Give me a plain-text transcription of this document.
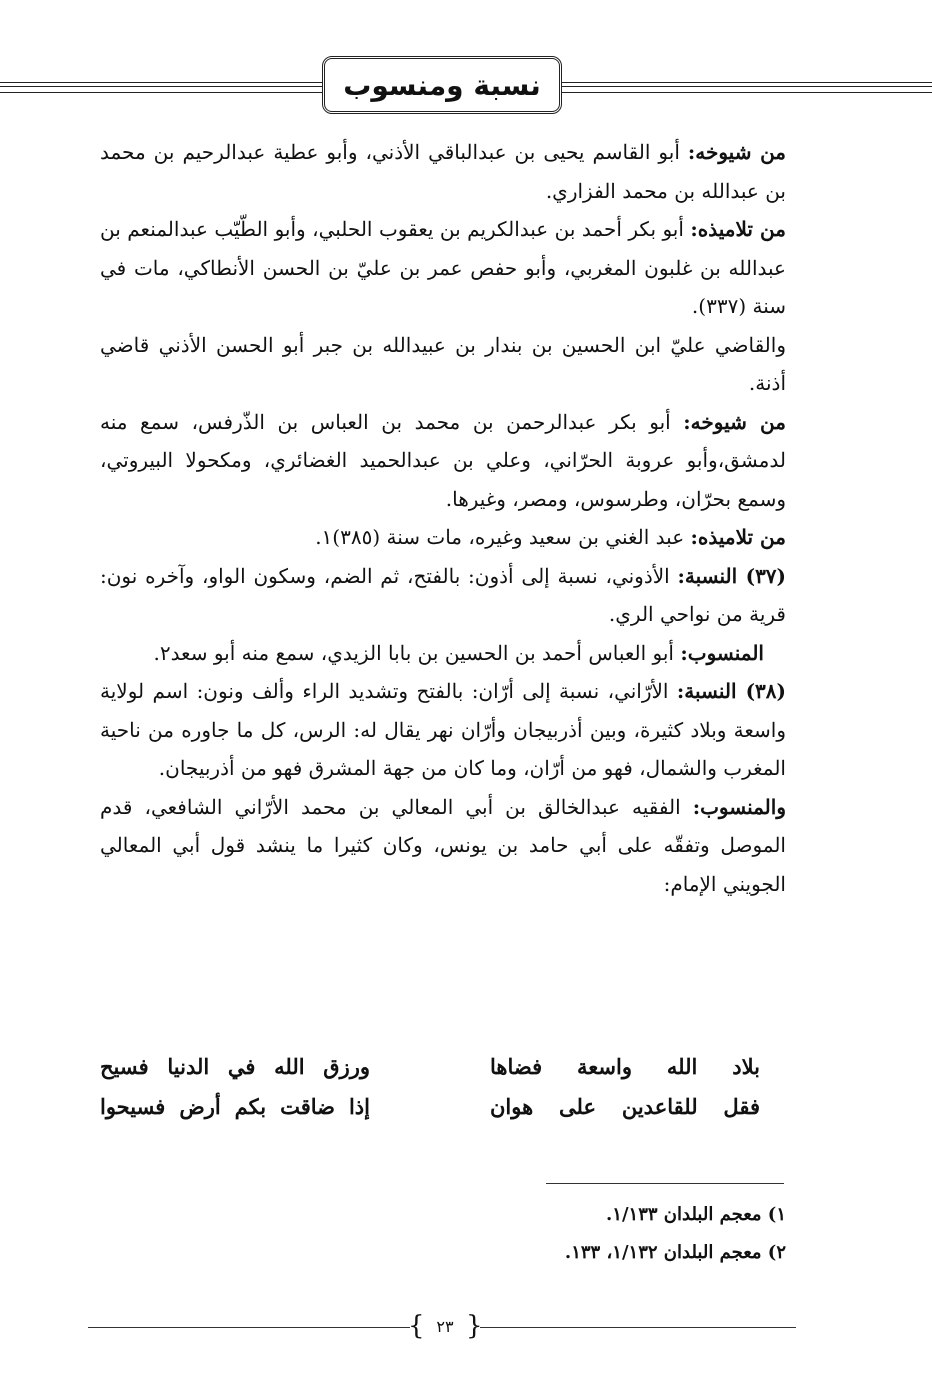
نسبة ومنسوب

من شيوخه: أبو القاسم يحيى بن عبدالباقي الأذني، وأبو عطية عبدالرحيم بن محمد بن عبدالله بن محمد الفزاري.

من تلاميذه: أبو بكر أحمد بن عبدالكريم بن يعقوب الحلبي، وأبو الطّيّب عبدالمنعم بن عبدالله بن غلبون المغربي، وأبو حفص عمر بن عليّ بن الحسن الأنطاكي، مات في سنة (٣٣٧).

والقاضي عليّ ابن الحسين بن بندار بن عبيدالله بن جبر أبو الحسن الأذني قاضي أذنة.

من شيوخه: أبو بكر عبدالرحمن بن محمد بن العباس بن الذّرفس، سمع منه لدمشق،وأبو عروبة الحرّاني، وعلي بن عبدالحميد الغضائري، ومكحولا البيروتي، وسمع بحرّان، وطرسوس، ومصر، وغيرها.

من تلاميذه: عبد الغني بن سعيد وغيره، مات سنة (٣٨٥)١.

(٣٧) النسبة: الأذوني، نسبة إلى أذون: بالفتح، ثم الضم، وسكون الواو، وآخره نون: قرية من نواحي الري.

المنسوب: أبو العباس أحمد بن الحسين بن بابا الزيدي، سمع منه أبو سعد٢.

(٣٨) النسبة: الأرّاني، نسبة إلى أرّان: بالفتح وتشديد الراء وألف ونون: اسم لولاية واسعة وبلاد كثيرة، وبين أذربيجان وأرّان نهر يقال له: الرس، كل ما جاوره من ناحية المغرب والشمال، فهو من أرّان، وما كان من جهة المشرق فهو من أذربيجان.

والمنسوب: الفقيه عبدالخالق بن أبي المعالي بن محمد الأرّاني الشافعي، قدم الموصل وتفقّه على أبي حامد بن يونس، وكان كثيرا ما ينشد قول أبي المعالي الجويني الإمام:

بلاد الله واسعة فضاها
ورزق الله في الدنيا فسيح
فقل للقاعدين على هوان
إذا ضاقت بكم أرض فسيحوا
١) معجم البلدان ١/١٣٣.
٢) معجم البلدان ١/١٣٢، ١٣٣.
{ }
٢٣
